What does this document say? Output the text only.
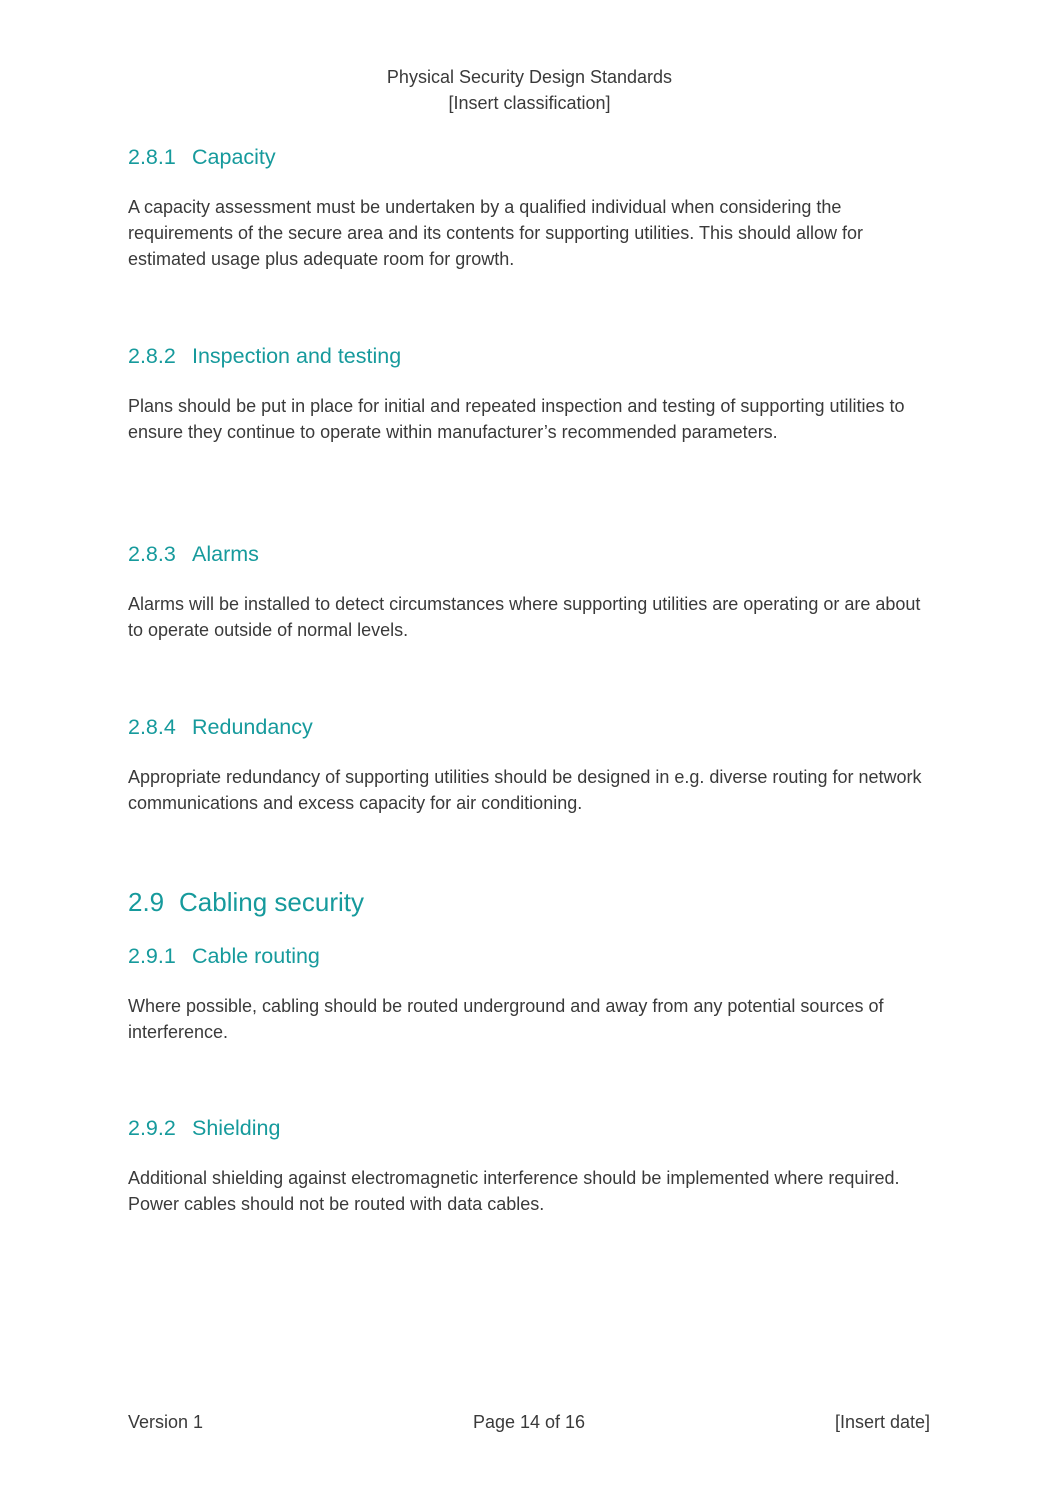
Physical Security Design Standards
[Insert classification]
2.8.1 Capacity

A capacity assessment must be undertaken by a qualified individual when considering the requirements of the secure area and its contents for supporting utilities. This should allow for estimated usage plus adequate room for growth.

2.8.2 Inspection and testing

Plans should be put in place for initial and repeated inspection and testing of supporting utilities to ensure they continue to operate within manufacturer’s recommended parameters.

2.8.3 Alarms

Alarms will be installed to detect circumstances where supporting utilities are operating or are about to operate outside of normal levels.

2.8.4 Redundancy

Appropriate redundancy of supporting utilities should be designed in e.g. diverse routing for network communications and excess capacity for air conditioning.

2.9 Cabling security
2.9.1 Cable routing

Where possible, cabling should be routed underground and away from any potential sources of interference.

2.9.2 Shielding

Additional shielding against electromagnetic interference should be implemented where required.  Power cables should not be routed with data cables.

Version 1	Page 14 of 16	[Insert date]
